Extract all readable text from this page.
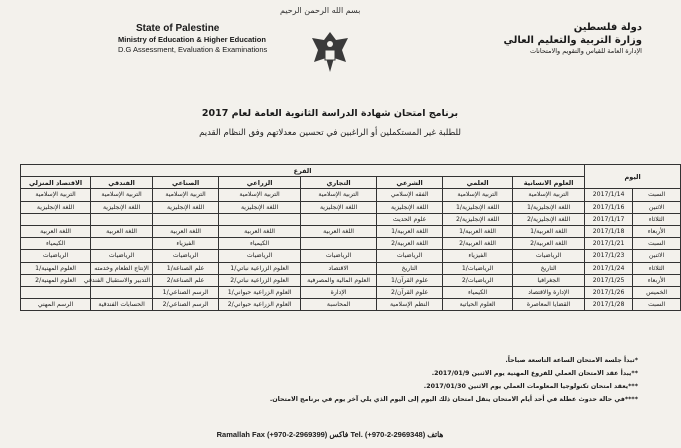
بسم الله الرحمن الرحيم
State of Palestine
Ministry of Education & Higher Education
D.G Assessment, Evaluation & Examinations
دولة فلسطين
وزارة التربية والتعليم العالي
الإدارة العامة للقياس والتقويم والامتحانات
برنامج امتحان شهادة الدراسة الثانوية العامة لعام 2017
للطلبة غير المستكملين أو الراغبين في تحسين معدلاتهم وفق النظام القديم
اليوم		الفرع							
		العلوم الانسانية	العلمي	الشرعي	التجاري	الزراعي	الصناعي	الفندقي	الاقتصاد المنزلي
السبت	2017/1/14	التربية الإسلامية	التربية الإسلامية	الفقه الإسلامي	التربية الإسلامية	التربية الإسلامية	التربية الإسلامية	التربية الإسلامية	التربية الإسلامية
الاثنين	2017/1/16	اللغة الإنجليزية/1	اللغة الإنجليزية/1	اللغة الإنجليزية	اللغة الإنجليزية	اللغة الإنجليزية	اللغة الإنجليزية	اللغة الإنجليزية	اللغة الإنجليزية
الثلاثاء	2017/1/17	اللغة الإنجليزية/2	اللغة الإنجليزية/2	علوم الحديث					
الأربعاء	2017/1/18	اللغة العربية/1	اللغة العربية/1	اللغة العربية/1	اللغة العربية	اللغة العربية	اللغة العربية	اللغة العربية	اللغة العربية
السبت	2017/1/21	اللغة العربية/2	اللغة العربية/2	اللغة العربية/2		الكيمياء	الفيزياء		الكيمياء
الاثنين	2017/1/23	الرياضيات	الفيزياء	الرياضيات	الرياضيات	الرياضيات	الرياضيات	الرياضيات	الرياضيات
الثلاثاء	2017/1/24	التاريخ	الرياضيات/1	التاريخ	الاقتصاد	العلوم الزراعية نباتي/1	علم الصناعة/1	الإنتاج الطعام وخدمته	العلوم المهنية/1
الأربعاء	2017/1/25	الجغرافيا	الرياضيات/2	علوم القرآن/1	العلوم المالية والمصرفية	العلوم الزراعية نباتي/2	علم الصناعة/2	التدبير والاستقبال الفندقي	العلوم المهنية/2
الخميس	2017/1/26	الإدارة والاقتصاد	الكيمياء	علوم القرآن/2	الإدارة	العلوم الزراعية حيواني/1	الرسم الصناعي/1		
السبت	2017/1/28	القضايا المعاصرة	العلوم الحياتية	النظم الإسلامية	المحاسبة	العلوم الزراعية حيواني/2	الرسم الصناعي/2	الحسابات الفندقية	الرسم المهني
*تبدأ جلسة الامتحان الساعة التاسعة صباحاً.
**يبدأ عقد الامتحان العملي للفروع المهنية يوم الاثنين 2017/01/9.
***يعقد امتحان تكنولوجيا المعلومات العملي يوم الاثنين 2017/01/30.
****في حالة حدوث عطلة في أحد أيام الامتحان ينقل امتحان ذلك اليوم إلى اليوم الذي يلي آخر يوم في برنامج الامتحان.
Ramallah Fax (+970-2-2969399) فاكس Tel. (+970-2-2969348) هاتف
